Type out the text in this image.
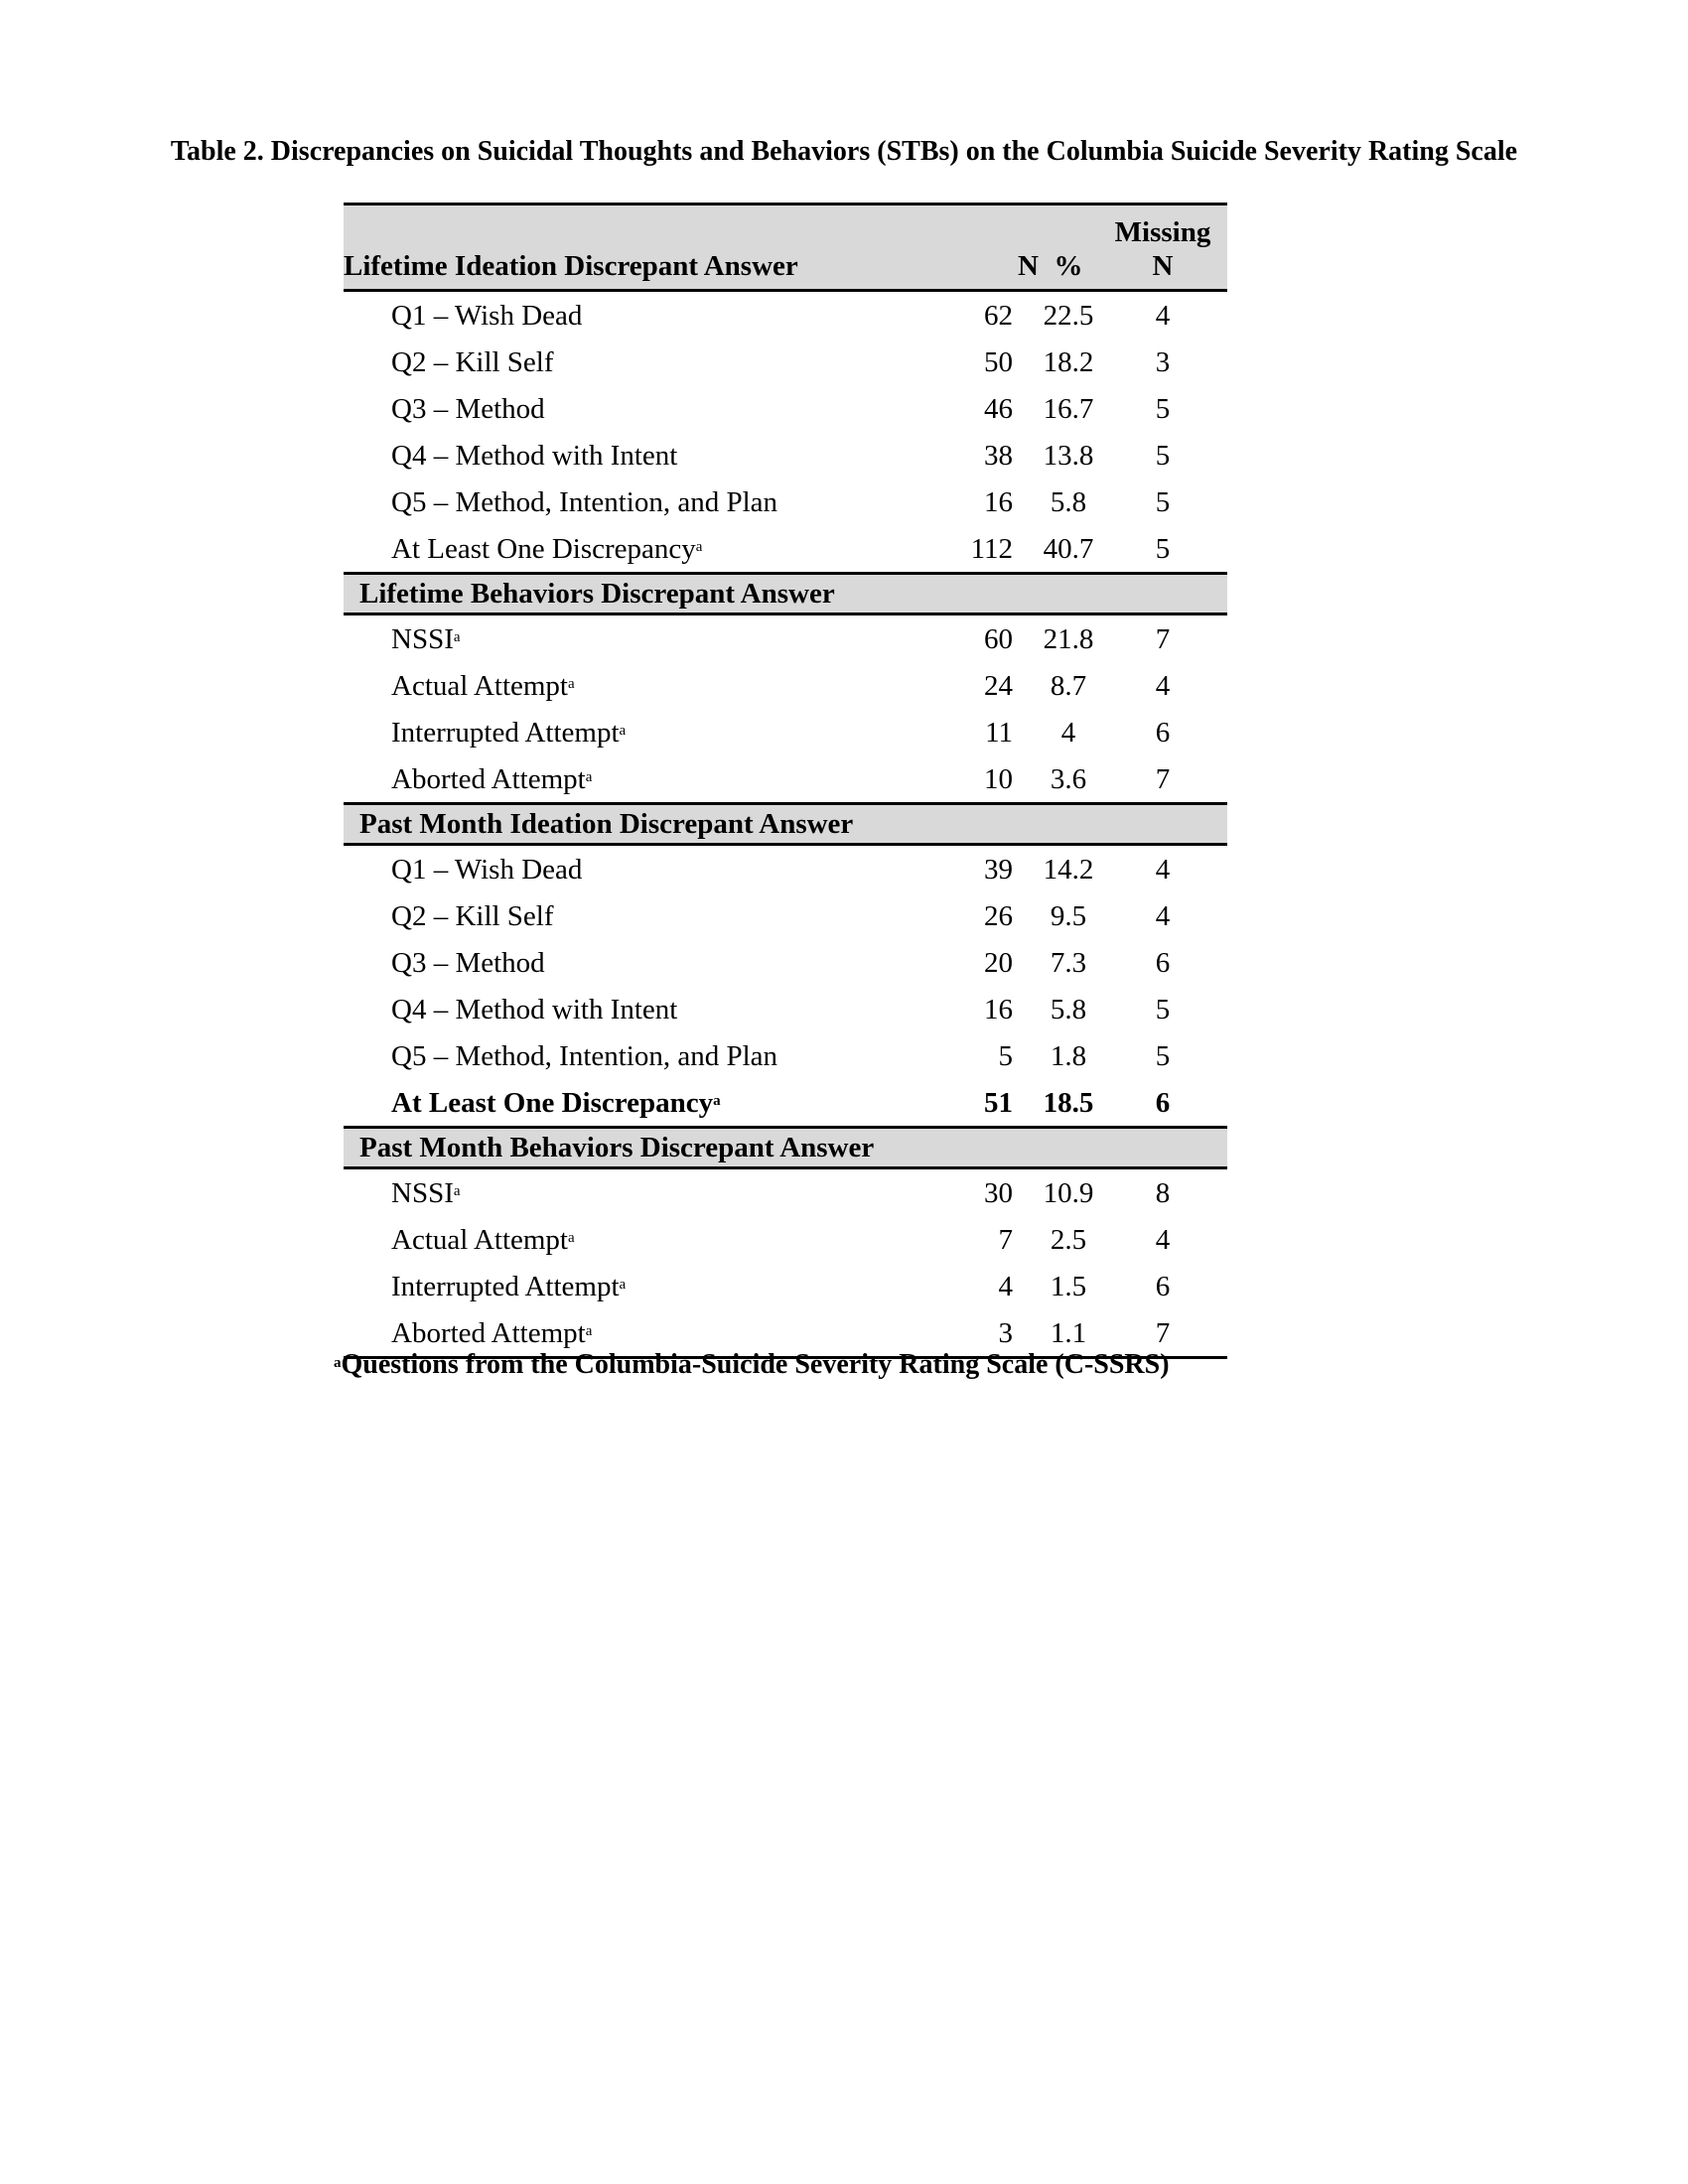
Table 2. Discrepancies on Suicidal Thoughts and Behaviors (STBs) on the Columbia Suicide Severity Rating Scale
Lifetime Ideation Discrepant Answer	N	%	Missing
N
Q1 – Wish Dead	62	22.5	4
Q2 – Kill Self	50	18.2	3
Q3 – Method	46	16.7	5
Q4 – Method with Intent	38	13.8	5
Q5 – Method, Intention, and Plan	16	5.8	5
At Least One Discrepancy$^a$	112	40.7	5
Lifetime Behaviors Discrepant Answer			
NSSI$^a$	60	21.8	7
Actual Attempt$^a$	24	8.7	4
Interrupted Attempt$^a$	11	4	6
Aborted Attempt$^a$	10	3.6	7
Past Month Ideation Discrepant Answer			
Q1 – Wish Dead	39	14.2	4
Q2 – Kill Self	26	9.5	4
Q3 – Method	20	7.3	6
Q4 – Method with Intent	16	5.8	5
Q5 – Method, Intention, and Plan	5	1.8	5
At Least One Discrepancy$^a$	51	18.5	6
Past Month Behaviors Discrepant Answer			
NSSI$^a$	30	10.9	8
Actual Attempt$^a$	7	2.5	4
Interrupted Attempt$^a$	4	1.5	6
Aborted Attempt$^a$	3	1.1	7
$^a$Questions from the Columbia-Suicide Severity Rating Scale (C-SSRS)
